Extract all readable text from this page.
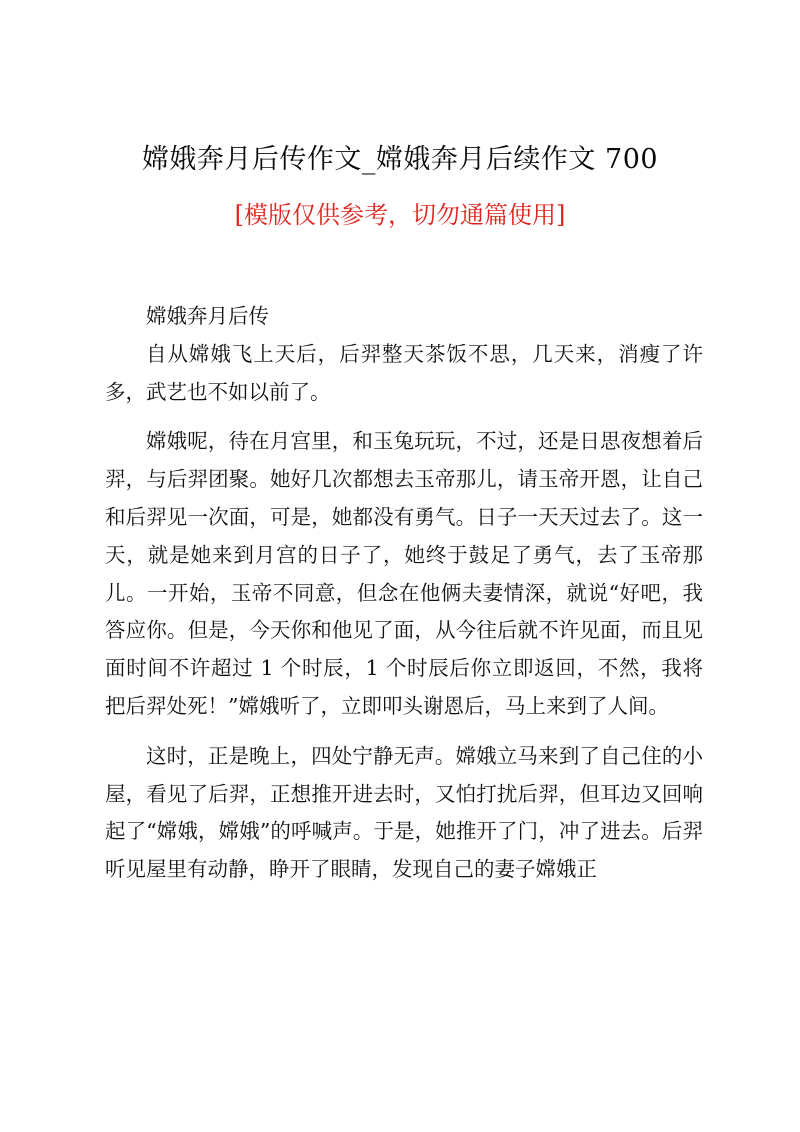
嫦娥奔月后传作文_嫦娥奔月后续作文 700
[模版仅供参考，切勿通篇使用]

嫦娥奔月后传

自从嫦娥飞上天后，后羿整天茶饭不思，几天来，消瘦了许多，武艺也不如以前了。

嫦娥呢，待在月宫里，和玉兔玩玩，不过，还是日思夜想着后羿，与后羿团聚。她好几次都想去玉帝那儿，请玉帝开恩，让自己和后羿见一次面，可是，她都没有勇气。日子一天天过去了。这一天，就是她来到月宫的日子了，她终于鼓足了勇气，去了玉帝那儿。一开始，玉帝不同意，但念在他俩夫妻情深，就说“好吧，我答应你。但是，今天你和他见了面，从今往后就不许见面，而且见面时间不许超过 1 个时辰，1 个时辰后你立即返回，不然，我将把后羿处死！”嫦娥听了，立即叩头谢恩后，马上来到了人间。

这时，正是晚上，四处宁静无声。嫦娥立马来到了自己住的小屋，看见了后羿，正想推开进去时，又怕打扰后羿，但耳边又回响起了“嫦娥，嫦娥”的呼喊声。于是，她推开了门，冲了进去。后羿听见屋里有动静，睁开了眼睛，发现自己的妻子嫦娥正
